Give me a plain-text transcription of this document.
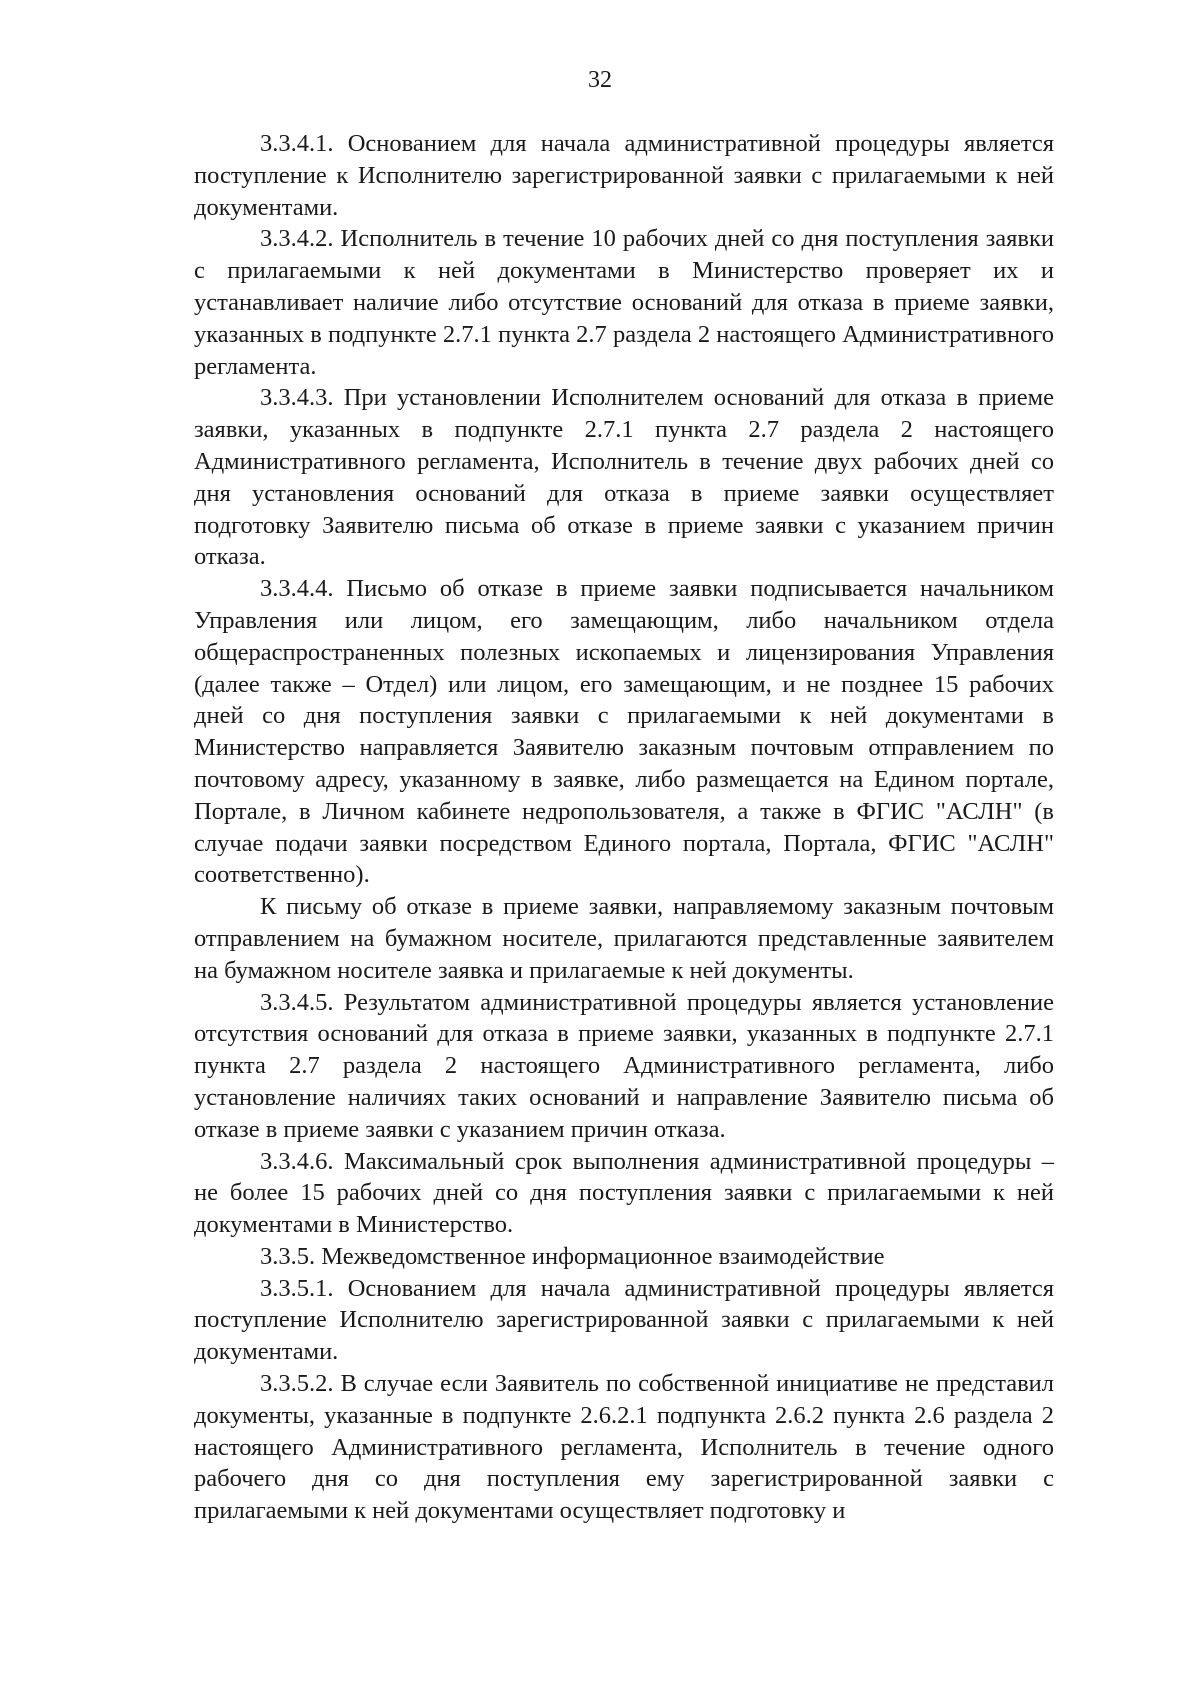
32

3.3.4.1. Основанием для начала административной процедуры является поступление к Исполнителю зарегистрированной заявки с прилагаемыми к ней документами.

3.3.4.2. Исполнитель в течение 10 рабочих дней со дня поступления заявки с прилагаемыми к ней документами в Министерство проверяет их и устанавливает наличие либо отсутствие оснований для отказа в приеме заявки, указанных в подпункте 2.7.1 пункта 2.7 раздела 2 настоящего Административного регламента.

3.3.4.3. При установлении Исполнителем оснований для отказа в приеме заявки, указанных в подпункте 2.7.1 пункта 2.7 раздела 2 настоящего Административного регламента, Исполнитель в течение двух рабочих дней со дня установления оснований для отказа в приеме заявки осуществляет подготовку Заявителю письма об отказе в приеме заявки с указанием причин отказа.

3.3.4.4. Письмо об отказе в приеме заявки подписывается начальником Управления или лицом, его замещающим, либо начальником отдела общераспространенных полезных ископаемых и лицензирования Управления (далее также – Отдел) или лицом, его замещающим, и не позднее 15 рабочих дней со дня поступления заявки с прилагаемыми к ней документами в Министерство направляется Заявителю заказным почтовым отправлением по почтовому адресу, указанному в заявке, либо размещается на Едином портале, Портале, в Личном кабинете недропользователя, а также в ФГИС "АСЛН" (в случае подачи заявки посредством Единого портала, Портала, ФГИС "АСЛН" соответственно).

К письму об отказе в приеме заявки, направляемому заказным почтовым отправлением на бумажном носителе, прилагаются представленные заявителем на бумажном носителе заявка и прилагаемые к ней документы.

3.3.4.5. Результатом административной процедуры является установление отсутствия оснований для отказа в приеме заявки, указанных в подпункте 2.7.1 пункта 2.7 раздела 2 настоящего Административного регламента, либо установление наличиях таких оснований и направление Заявителю письма об отказе в приеме заявки с указанием причин отказа.

3.3.4.6. Максимальный срок выполнения административной процедуры – не более 15 рабочих дней со дня поступления заявки с прилагаемыми к ней документами в Министерство.

3.3.5. Межведомственное информационное взаимодействие

3.3.5.1. Основанием для начала административной процедуры является поступление Исполнителю зарегистрированной заявки с прилагаемыми к ней документами.

3.3.5.2. В случае если Заявитель по собственной инициативе не представил документы, указанные в подпункте 2.6.2.1 подпункта 2.6.2 пункта 2.6 раздела 2 настоящего Административного регламента, Исполнитель в течение одного рабочего дня со дня поступления ему зарегистрированной заявки с прилагаемыми к ней документами осуществляет подготовку и
